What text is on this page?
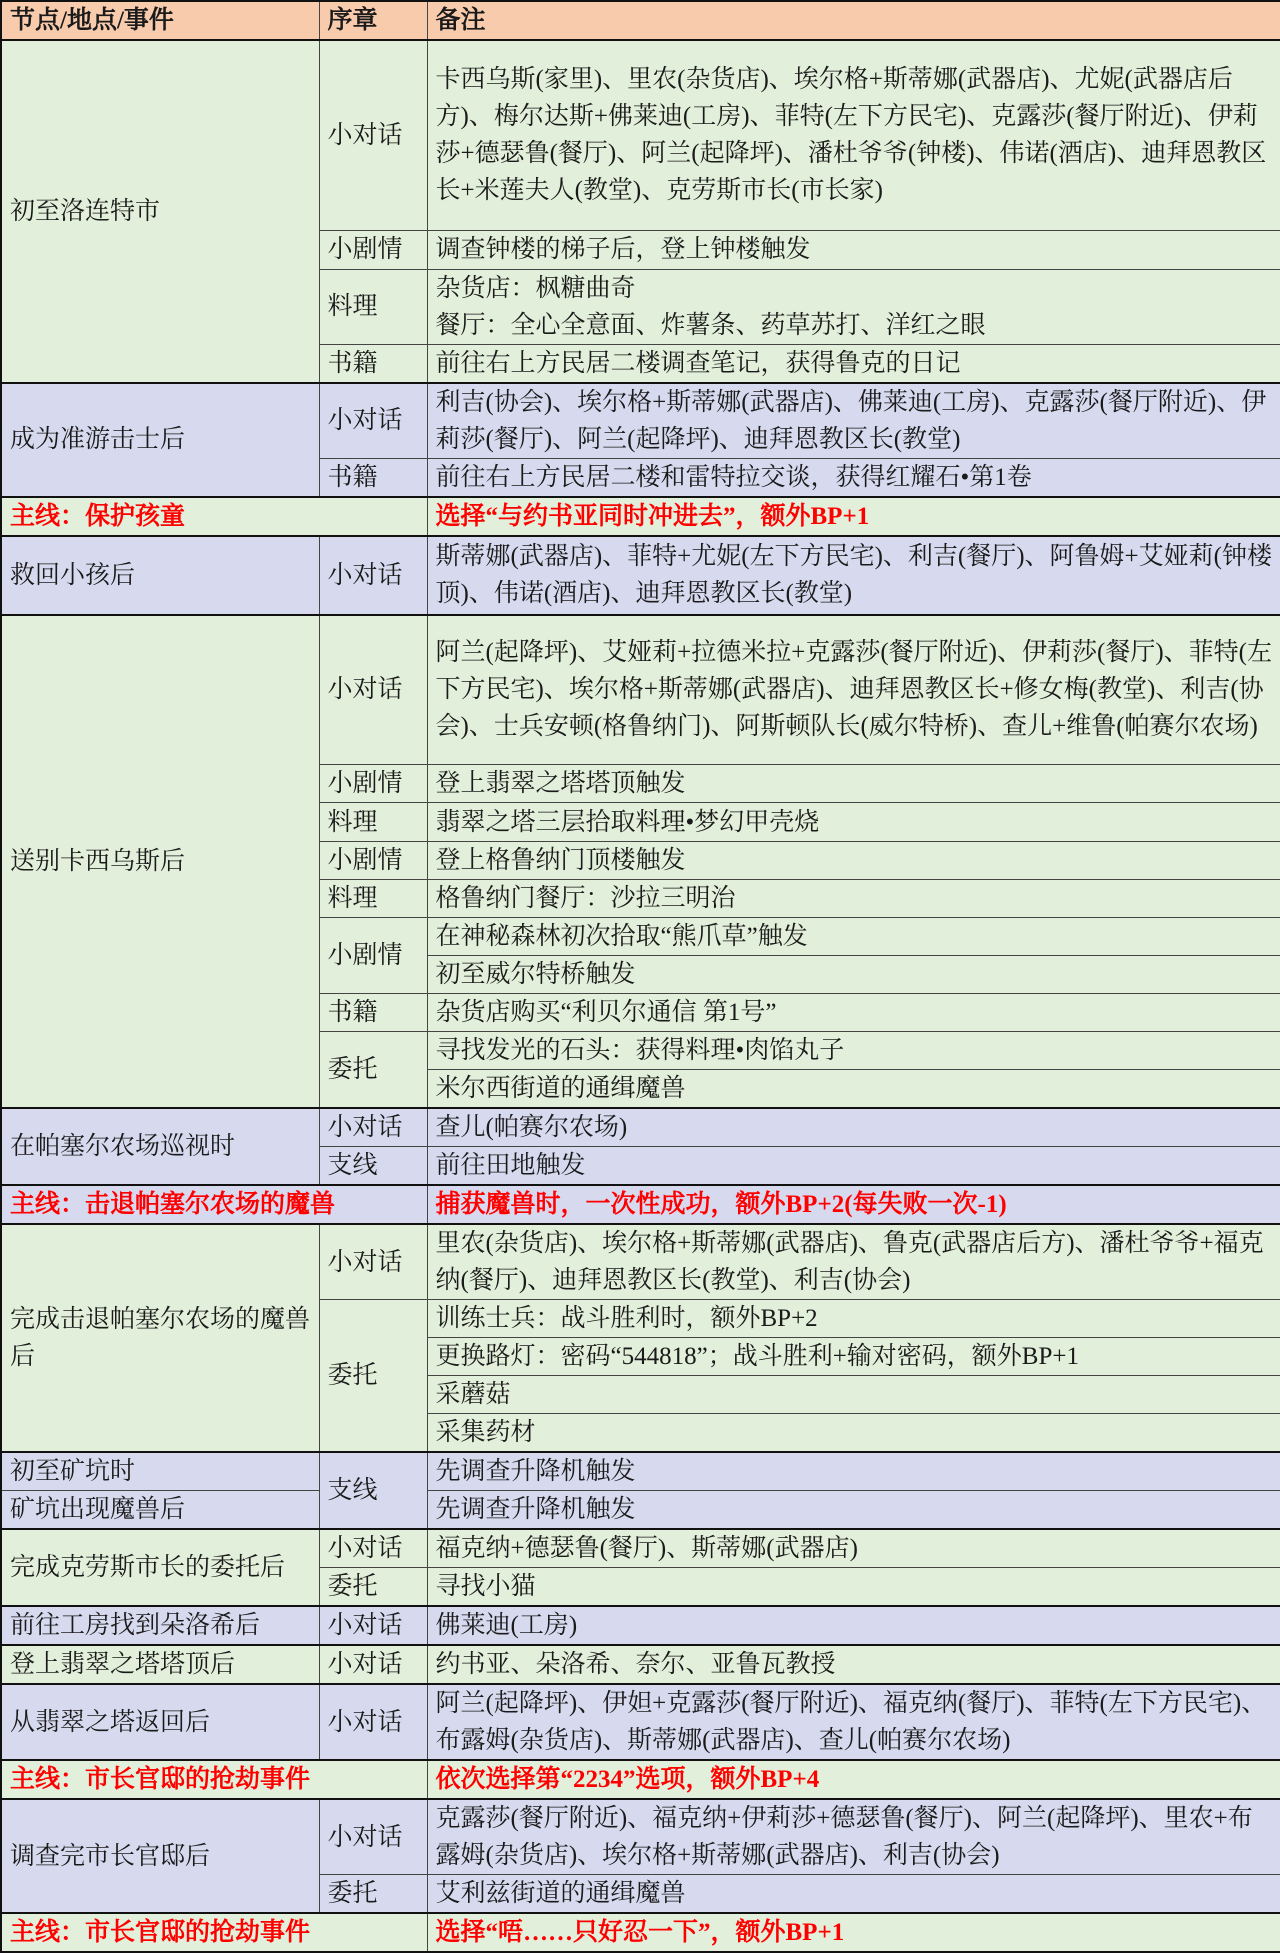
节点/地点/事件	序章	备注
初至洛连特市	小对话	卡西乌斯(家里)、里农(杂货店)、埃尔格+斯蒂娜(武器店)、尤妮(武器店后方)、梅尔达斯+佛莱迪(工房)、菲特(左下方民宅)、克露莎(餐厅附近)、伊莉莎+德瑟鲁(餐厅)、阿兰(起降坪)、潘杜爷爷(钟楼)、伟诺(酒店)、迪拜恩教区长+米莲夫人(教堂)、克劳斯市长(市长家)
	小剧情	调查钟楼的梯子后，登上钟楼触发
	料理	杂货店：枫糖曲奇
餐厅：全心全意面、炸薯条、药草苏打、洋红之眼

	书籍	前往右上方民居二楼调查笔记，获得鲁克的日记
成为准游击士后	小对话	利吉(协会)、埃尔格+斯蒂娜(武器店)、佛莱迪(工房)、克露莎(餐厅附近)、伊莉莎(餐厅)、阿兰(起降坪)、迪拜恩教区长(教堂)
	书籍	前往右上方民居二楼和雷特拉交谈，获得红耀石•第1卷
主线：保护孩童		选择“与约书亚同时冲进去”，额外BP+1
救回小孩后	小对话	斯蒂娜(武器店)、菲特+尤妮(左下方民宅)、利吉(餐厅)、阿鲁姆+艾娅莉(钟楼顶)、伟诺(酒店)、迪拜恩教区长(教堂)
送别卡西乌斯后	小对话	阿兰(起降坪)、艾娅莉+拉德米拉+克露莎(餐厅附近)、伊莉莎(餐厅)、菲特(左下方民宅)、埃尔格+斯蒂娜(武器店)、迪拜恩教区长+修女梅(教堂)、利吉(协会)、士兵安顿(格鲁纳门)、阿斯顿队长(威尔特桥)、查儿+维鲁(帕赛尔农场)
	小剧情	登上翡翠之塔塔顶触发
	料理	翡翠之塔三层拾取料理•梦幻甲壳烧
	小剧情	登上格鲁纳门顶楼触发
	料理	格鲁纳门餐厅：沙拉三明治
	小剧情	在神秘森林初次拾取“熊爪草”触发
		初至威尔特桥触发
	书籍	杂货店购买“利贝尔通信 第1号”
	委托	寻找发光的石头：获得料理•肉馅丸子
		米尔西街道的通缉魔兽
在帕塞尔农场巡视时	小对话	查儿(帕赛尔农场)
	支线	前往田地触发
主线：击退帕塞尔农场的魔兽		捕获魔兽时，一次性成功，额外BP+2(每失败一次-1)
完成击退帕塞尔农场的魔兽后	小对话	里农(杂货店)、埃尔格+斯蒂娜(武器店)、鲁克(武器店后方)、潘杜爷爷+福克纳(餐厅)、迪拜恩教区长(教堂)、利吉(协会)
	委托	训练士兵：战斗胜利时，额外BP+2
		更换路灯：密码“544818”；战斗胜利+输对密码，额外BP+1
		采蘑菇
		采集药材
初至矿坑时	支线	先调查升降机触发
矿坑出现魔兽后		先调查升降机触发
完成克劳斯市长的委托后	小对话	福克纳+德瑟鲁(餐厅)、斯蒂娜(武器店)
	委托	寻找小猫
前往工房找到朵洛希后	小对话	佛莱迪(工房)
登上翡翠之塔塔顶后	小对话	约书亚、朵洛希、奈尔、亚鲁瓦教授
从翡翠之塔返回后	小对话	阿兰(起降坪)、伊妲+克露莎(餐厅附近)、福克纳(餐厅)、菲特(左下方民宅)、布露姆(杂货店)、斯蒂娜(武器店)、查儿(帕赛尔农场)
主线：市长官邸的抢劫事件		依次选择第“2234”选项，额外BP+4
调查完市长官邸后	小对话	克露莎(餐厅附近)、福克纳+伊莉莎+德瑟鲁(餐厅)、阿兰(起降坪)、里农+布露姆(杂货店)、埃尔格+斯蒂娜(武器店)、利吉(协会)
	委托	艾利兹街道的通缉魔兽
主线：市长官邸的抢劫事件		选择“唔……只好忍一下”，额外BP+1
